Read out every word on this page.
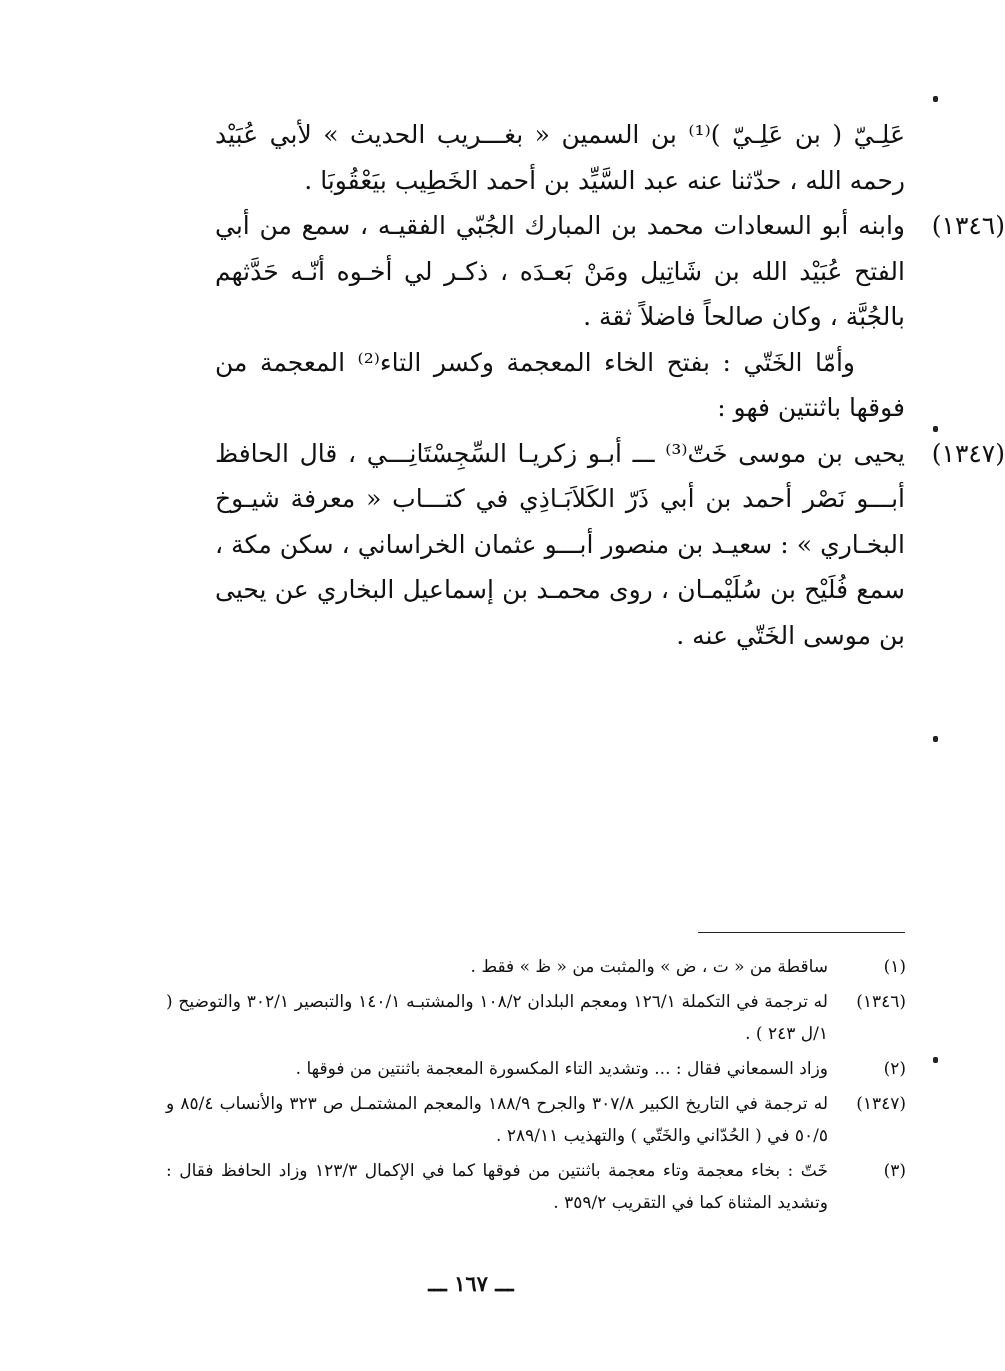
عَلِـيّ ( بن عَلِـيّ )⁽¹⁾ بن السمين « بغـــريب الحديث » لأبي عُبَيْد رحمه الله ، حدّثنا عنه عبد السَّيِّد بن أحمد الخَطِيب بيَعْقُوبَا .

(١٣٤٦)
وابنه أبو السعادات محمد بن المبارك الجُبّي الفقيـه ، سمع من أبي الفتح عُبَيْد الله بن شَاتِيل ومَنْ بَعـدَه ، ذكـر لي أخـوه أنّـه حَدَّثهم بالجُبَّة ، وكان صالحاً فاضلاً ثقة .

وأمّا الخَتّي : بفتح الخاء المعجمة وكسر التاء⁽²⁾ المعجمة من فوقها باثنتين فهو :

(١٣٤٧)
يحيى بن موسى خَتّ⁽³⁾ ـــ أبـو زكريـا السِّجِسْتَانِـــي ، قال الحافظ أبـــو نَصْر أحمد بن أبي ذَرّ الكَلاَبَـاذِي في كتـــاب « معرفة شيـوخ البخـاري » : سعيـد بن منصور أبـــو عثمان الخراساني ، سكن مكة ، سمع فُلَيْح بن سُلَيْمـان ، روى محمـد بن إسماعيل البخاري عن يحيى بن موسى الخَتّي عنه .

(١)
ساقطة من « ت ، ض » والمثبت من « ظ » فقط .

(١٣٤٦)
له ترجمة في التكملة ١٢٦/١ ومعجم البلدان ١٠٨/٢ والمشتبـه ١٤٠/١ والتبصير ٣٠٢/١ والتوضيح ( ١/ل ٢٤٣ ) .

(٢)
وزاد السمعاني فقال : ... وتشديد التاء المكسورة المعجمة باثنتين من فوقها .

(١٣٤٧)
له ترجمة في التاريخ الكبير ٣٠٧/٨ والجرح ١٨٨/٩ والمعجم المشتمـل ص ٣٢٣ والأنساب ٨٥/٤ و ٥٠/٥ في ( الحُدّاني والخَتّي ) والتهذيب ٢٨٩/١١ .

(٣)
خَتّ : بخاء معجمة وتاء معجمة باثنتين من فوقها كما في الإكمال ١٢٣/٣ وزاد الحافظ فقال : وتشديد المثناة كما في التقريب ٣٥٩/٢ .

ـــ ١٦٧ ـــ
